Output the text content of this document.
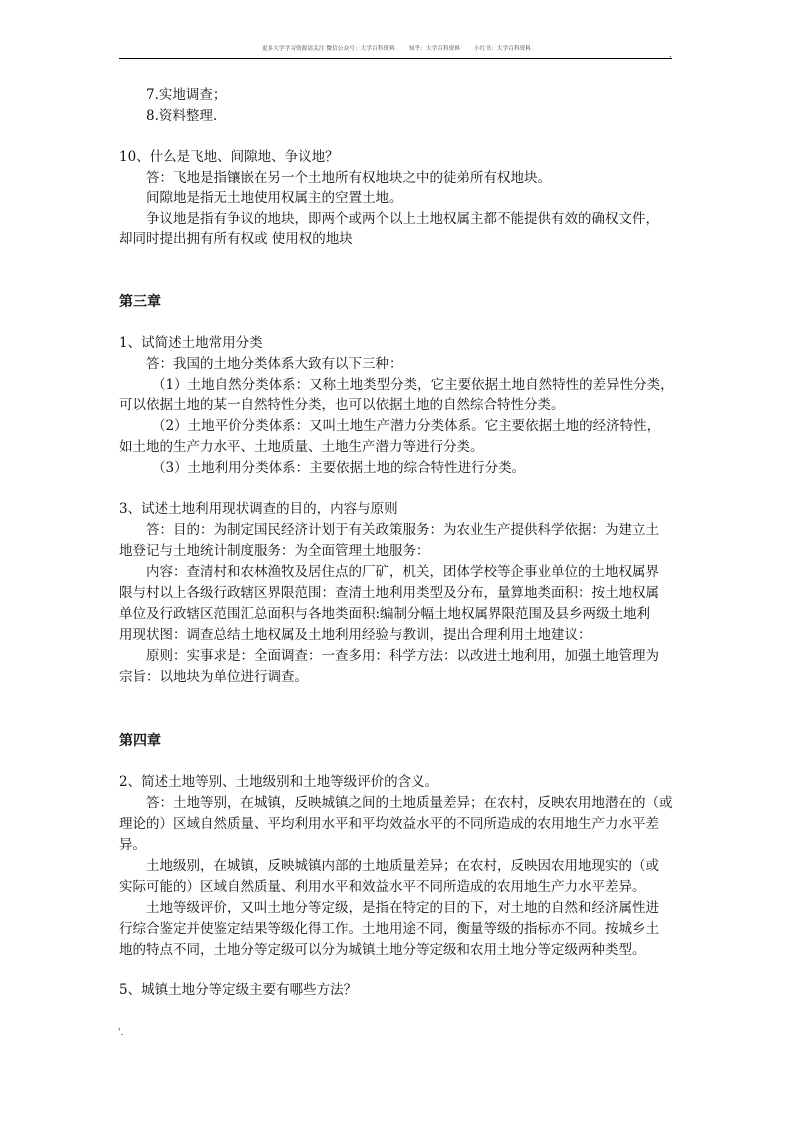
更多大学学习资源请关注 微信公众号：大学百科资料	知乎：大学百科资料	小红书：大学百科资料
.
7.实地调查；
8.资料整理.
10、什么是飞地、间隙地、争议地？
答：飞地是指镶嵌在另一个土地所有权地块之中的徒弟所有权地块。
间隙地是指无土地使用权属主的空置土地。
争议地是指有争议的地块，即两个或两个以上土地权属主都不能提供有效的确权文件，
却同时提出拥有所有权或 使用权的地块
第三章
1、试简述土地常用分类
答：我国的土地分类体系大致有以下三种：
（1）土地自然分类体系：又称土地类型分类，它主要依据土地自然特性的差异性分类，
可以依据土地的某一自然特性分类，也可以依据土地的自然综合特性分类。
（2）土地平价分类体系：又叫土地生产潜力分类体系。它主要依据土地的经济特性，
如土地的生产力水平、土地质量、土地生产潜力等进行分类。
（3）土地利用分类体系：主要依据土地的综合特性进行分类。
3、试述土地利用现状调查的目的，内容与原则
答：目的：为制定国民经济计划于有关政策服务：为农业生产提供科学依据：为建立土
地登记与土地统计制度服务：为全面管理土地服务：
内容：查清村和农林渔牧及居住点的厂矿，机关，团体学校等企事业单位的土地权属界
限与村以上各级行政辖区界限范围：查清土地利用类型及分布，量算地类面积：按土地权属
单位及行政辖区范围汇总面积与各地类面积:编制分幅土地权属界限范围及县乡两级土地利
用现状图：调查总结土地权属及土地利用经验与教训，提出合理利用土地建议：
原则：实事求是：全面调查：一查多用：科学方法：以改进土地利用，加强土地管理为
宗旨：以地块为单位进行调查。
第四章
2、简述土地等别、土地级别和土地等级评价的含义。
答：土地等别，在城镇，反映城镇之间的土地质量差异；在农村，反映农用地潜在的（或
理论的）区域自然质量、平均利用水平和平均效益水平的不同所造成的农用地生产力水平差
异。
土地级别，在城镇，反映城镇内部的土地质量差异；在农村，反映因农用地现实的（或
实际可能的）区域自然质量、利用水平和效益水平不同所造成的农用地生产力水平差异。
土地等级评价，又叫土地分等定级，是指在特定的目的下，对土地的自然和经济属性进
行综合鉴定并使鉴定结果等级化得工作。土地用途不同，衡量等级的指标亦不同。按城乡土
地的特点不同，土地分等定级可以分为城镇土地分等定级和农用土地分等定级两种类型。
5、城镇土地分等定级主要有哪些方法？
'.
